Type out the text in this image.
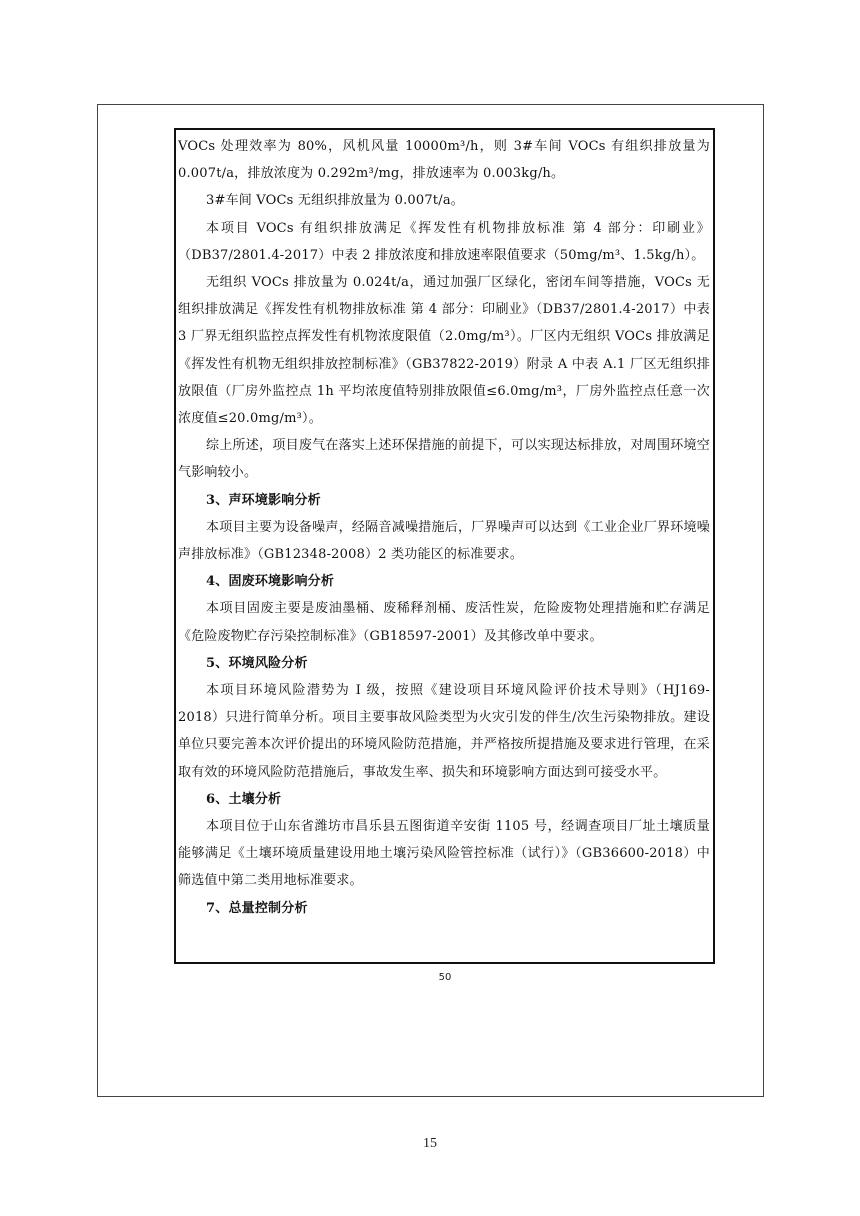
VOCs 处理效率为 80%，风机风量 10000m³/h，则 3#车间 VOCs 有组织排放量为 0.007t/a，排放浓度为 0.292m³/mg，排放速率为 0.003kg/h。

3#车间 VOCs 无组织排放量为 0.007t/a。

本项目 VOCs 有组织排放满足《挥发性有机物排放标准 第 4 部分：印刷业》（DB37/2801.4-2017）中表 2 排放浓度和排放速率限值要求（50mg/m³、1.5kg/h）。

无组织 VOCs 排放量为 0.024t/a，通过加强厂区绿化，密闭车间等措施，VOCs 无组织排放满足《挥发性有机物排放标准 第 4 部分：印刷业》（DB37/2801.4-2017）中表 3 厂界无组织监控点挥发性有机物浓度限值（2.0mg/m³）。厂区内无组织 VOCs 排放满足《挥发性有机物无组织排放控制标准》（GB37822-2019）附录 A 中表 A.1 厂区无组织排放限值（厂房外监控点 1h 平均浓度值特别排放限值≤6.0mg/m³，厂房外监控点任意一次浓度值≤20.0mg/m³）。

综上所述，项目废气在落实上述环保措施的前提下，可以实现达标排放，对周围环境空气影响较小。

3、声环境影响分析

本项目主要为设备噪声，经隔音减噪措施后，厂界噪声可以达到《工业企业厂界环境噪声排放标准》（GB12348-2008）2 类功能区的标准要求。

4、固废环境影响分析

本项目固废主要是废油墨桶、废稀释剂桶、废活性炭，危险废物处理措施和贮存满足《危险废物贮存污染控制标准》（GB18597-2001）及其修改单中要求。

5、环境风险分析

本项目环境风险潜势为 I 级，按照《建设项目环境风险评价技术导则》（HJ169-2018）只进行简单分析。项目主要事故风险类型为火灾引发的伴生/次生污染物排放。建设单位只要完善本次评价提出的环境风险防范措施，并严格按所提措施及要求进行管理，在采取有效的环境风险防范措施后，事故发生率、损失和环境影响方面达到可接受水平。

6、土壤分析

本项目位于山东省潍坊市昌乐县五图街道辛安街 1105 号，经调查项目厂址土壤质量能够满足《土壤环境质量建设用地土壤污染风险管控标准（试行）》（GB36600-2018）中筛选值中第二类用地标准要求。

7、总量控制分析

50
15
